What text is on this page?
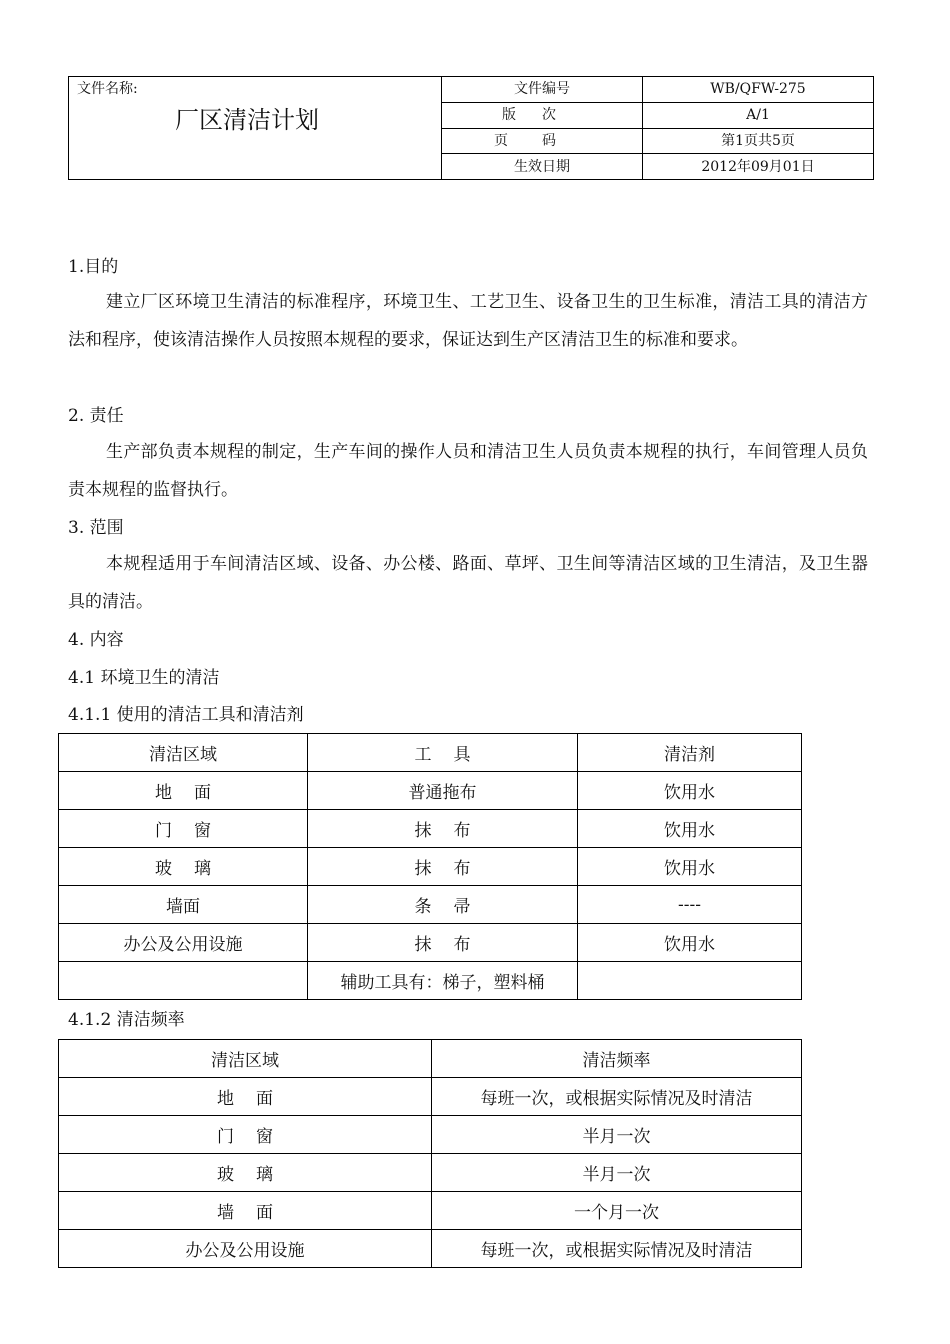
文件名称:
厂区清洁计划	文件编号	WB/QFW-275
	版次	A/1
	页码	第1页共5页
	生效日期	2012年09月01日
1.目的
建立厂区环境卫生清洁的标准程序，环境卫生、工艺卫生、设备卫生的卫生标准，清洁工具的清洁方法和程序，使该清洁操作人员按照本规程的要求，保证达到生产区清洁卫生的标准和要求。
2. 责任
生产部负责本规程的制定，生产车间的操作人员和清洁卫生人员负责本规程的执行，车间管理人员负责本规程的监督执行。
3. 范围
本规程适用于车间清洁区域、设备、办公楼、路面、草坪、卫生间等清洁区域的卫生清洁，及卫生器具的清洁。
4. 内容
4.1 环境卫生的清洁
4.1.1 使用的清洁工具和清洁剂
清洁区域	工具	清洁剂
地面	普通拖布	饮用水
门窗	抹布	饮用水
玻璃	抹布	饮用水
墙面	条帚	----
办公及公用设施	抹布	饮用水
	辅助工具有：梯子，塑料桶	
4.1.2 清洁频率
清洁区域	清洁频率
地面	每班一次，或根据实际情况及时清洁
门窗	半月一次
玻璃	半月一次
墙面	一个月一次
办公及公用设施	每班一次，或根据实际情况及时清洁
